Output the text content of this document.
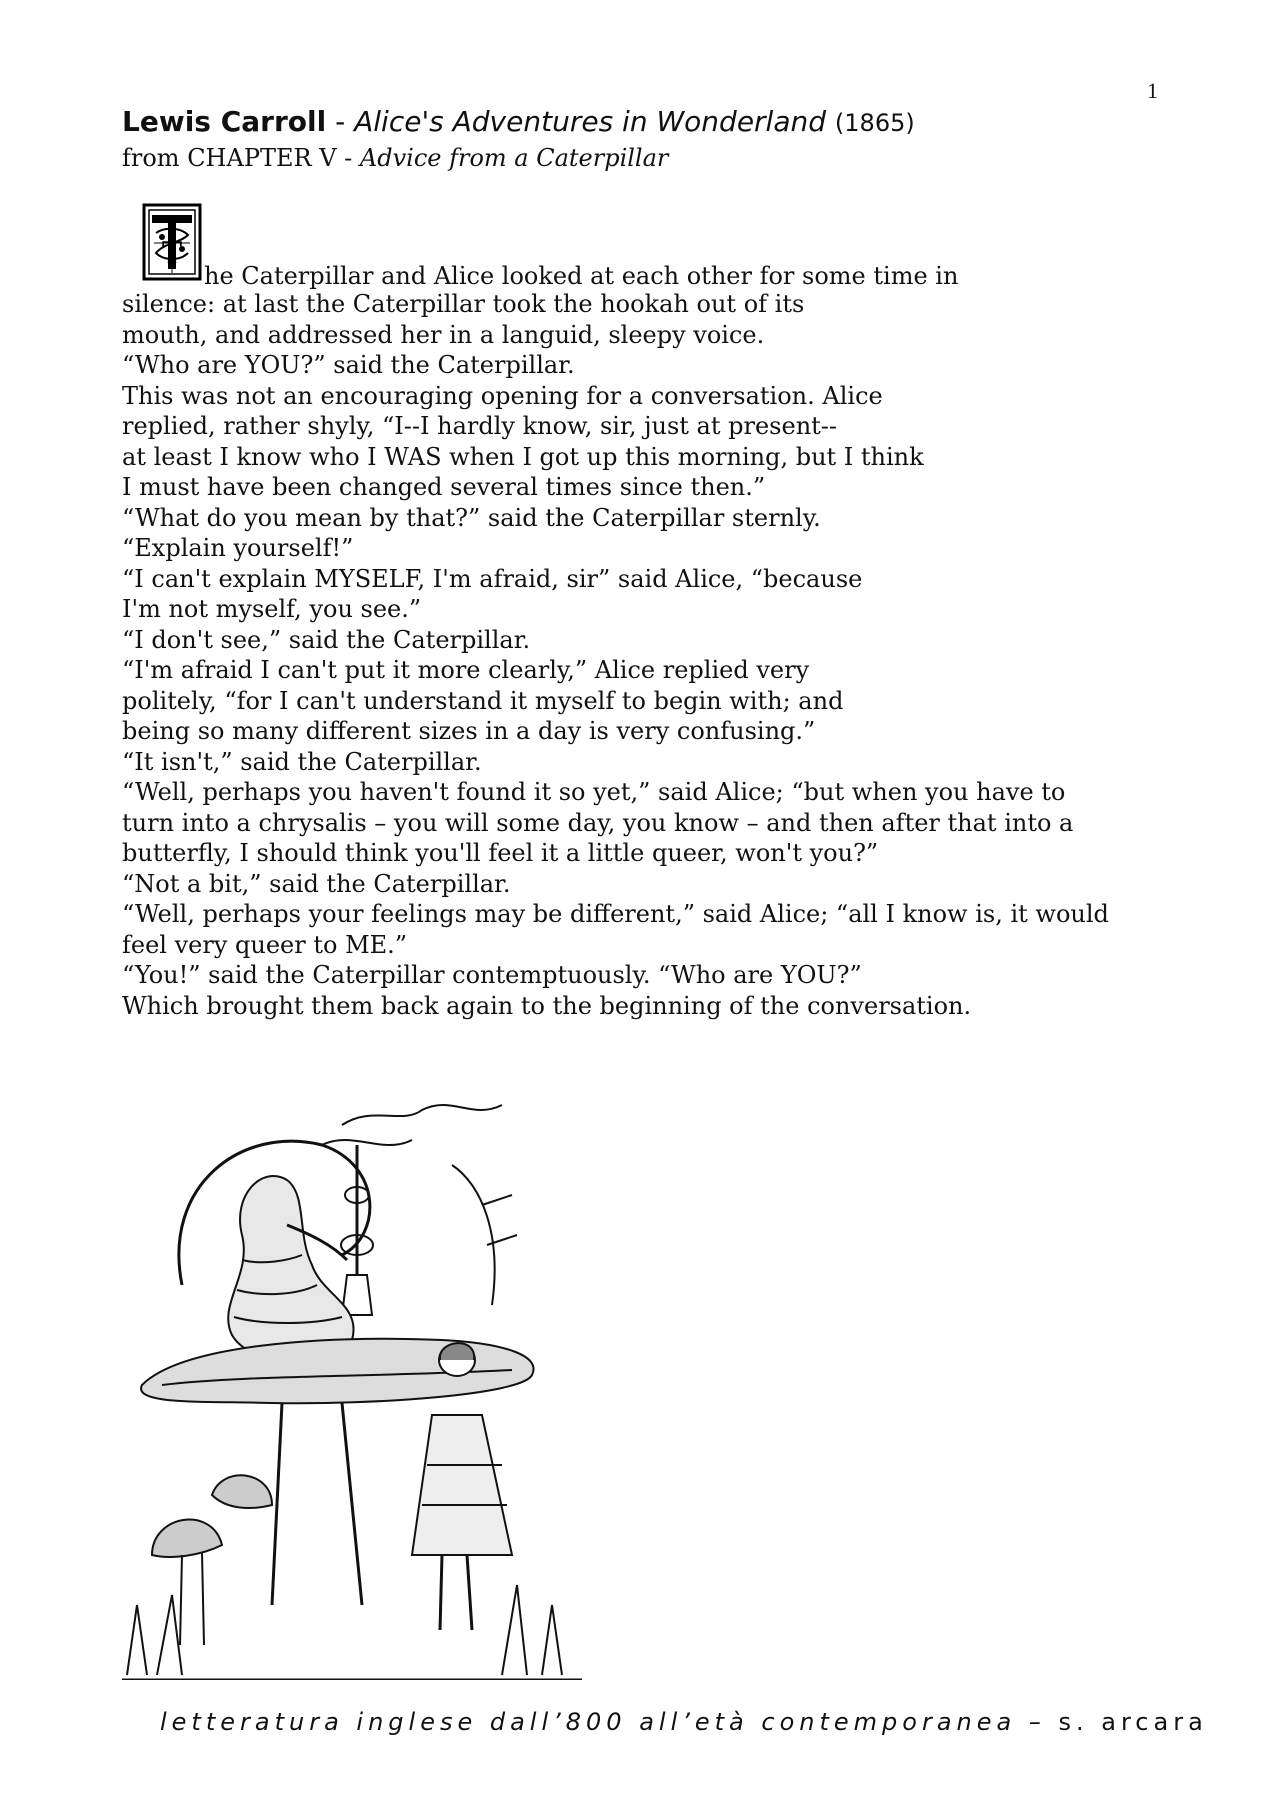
1
Lewis Carroll - Alice's Adventures in Wonderland (1865)
from CHAPTER V - Advice from a Caterpillar
T
he Caterpillar and Alice looked at each other for some time in
silence: at last the Caterpillar took the hookah out of its
mouth, and addressed her in a languid, sleepy voice.
“Who are YOU?” said the Caterpillar.
This was not an encouraging opening for a conversation. Alice
replied, rather shyly, “I--I hardly know, sir, just at present--
at least I know who I WAS when I got up this morning, but I think
I must have been changed several times since then.”
“What do you mean by that?” said the Caterpillar sternly.
“Explain yourself!”
“I can't explain MYSELF, I'm afraid, sir” said Alice, “because
I'm not myself, you see.”
“I don't see,” said the Caterpillar.
“I'm afraid I can't put it more clearly,” Alice replied very
politely, “for I can't understand it myself to begin with; and
being so many different sizes in a day is very confusing.”
“It isn't,” said the Caterpillar.
“Well, perhaps you haven't found it so yet,” said Alice; “but when you have to
turn into a chrysalis – you will some day, you know – and then after that into a
butterfly, I should think you'll feel it a little queer, won't you?”
“Not a bit,” said the Caterpillar.
“Well, perhaps your feelings may be different,” said Alice; “all I know is, it would
feel very queer to ME.”
“You!” said the Caterpillar contemptuously. “Who are YOU?”
Which brought them back again to the beginning of the conversation.
letteratura inglese dall’800 all’età contemporanea – s. arcara
